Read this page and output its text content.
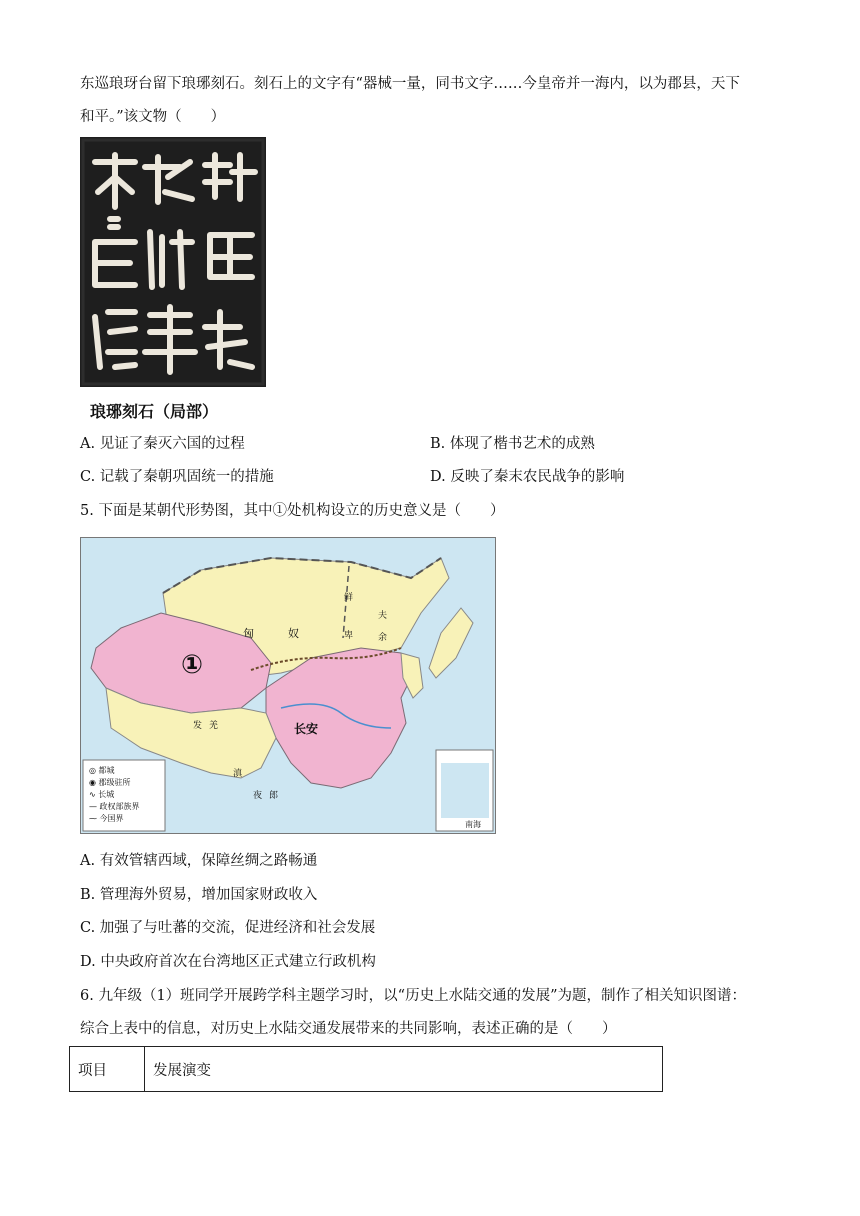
东巡琅玡台留下琅琊刻石。刻石上的文字有“器械一量，同书文字……今皇帝并一海内，以为郡县，天下
和平。”该文物（　　）
琅琊刻石（局部）
A. 见证了秦灭六国的过程	B. 体现了楷书艺术的成熟
C. 记载了秦朝巩固统一的措施	D. 反映了秦末农民战争的影响
5. 下面是某朝代形势图，其中①处机构设立的历史意义是（　　）
①
长安
匈	奴
鲜
卑
夫
余
发 羌
滇
夜 郎
◎ 都城
◉ 郡级驻所
∿ 长城
— 政权部族界
⁓ 今国界
南海
A. 有效管辖西域，保障丝绸之路畅通
B. 管理海外贸易，增加国家财政收入
C. 加强了与吐蕃的交流，促进经济和社会发展
D. 中央政府首次在台湾地区正式建立行政机构
6. 九年级（1）班同学开展跨学科主题学习时，以“历史上水陆交通的发展”为题，制作了相关知识图谱：
综合上表中的信息，对历史上水陆交通发展带来的共同影响，表述正确的是（　　）
项目	发展演变
